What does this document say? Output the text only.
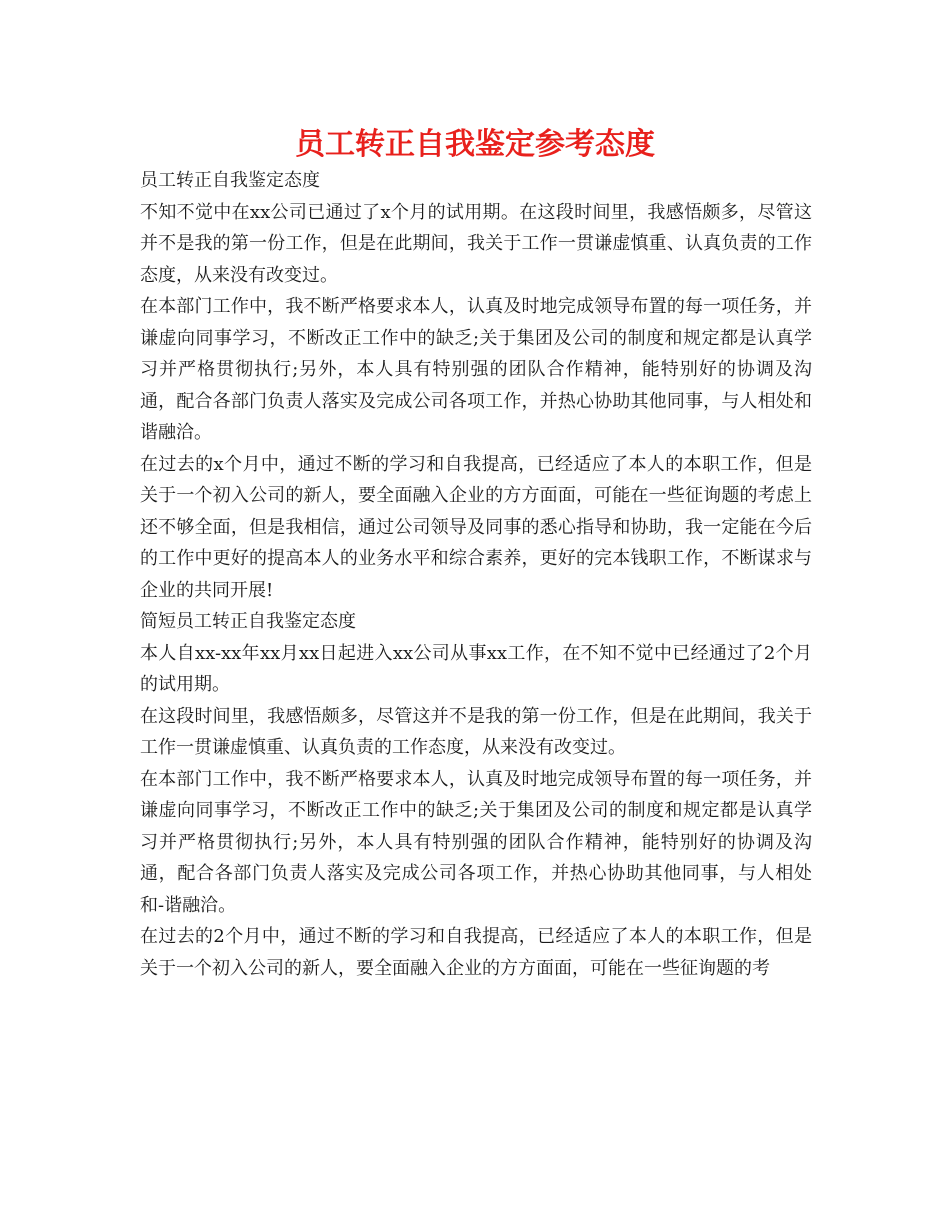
员工转正自我鉴定参考态度

员工转正自我鉴定态度

不知不觉中在xx公司已通过了x个月的试用期。在这段时间里，我感悟颇多，尽管这并不是我的第一份工作，但是在此期间，我关于工作一贯谦虚慎重、认真负责的工作态度，从来没有改变过。

在本部门工作中，我不断严格要求本人，认真及时地完成领导布置的每一项任务，并谦虚向同事学习，不断改正工作中的缺乏;关于集团及公司的制度和规定都是认真学习并严格贯彻执行;另外，本人具有特别强的团队合作精神，能特别好的协调及沟通，配合各部门负责人落实及完成公司各项工作，并热心协助其他同事，与人相处和谐融洽。

在过去的x个月中，通过不断的学习和自我提高，已经适应了本人的本职工作，但是关于一个初入公司的新人，要全面融入企业的方方面面，可能在一些征询题的考虑上还不够全面，但是我相信，通过公司领导及同事的悉心指导和协助，我一定能在今后的工作中更好的提高本人的业务水平和综合素养，更好的完本钱职工作，不断谋求与企业的共同开展!

简短员工转正自我鉴定态度

本人自xx-xx年xx月xx日起进入xx公司从事xx工作，在不知不觉中已经通过了2个月的试用期。

在这段时间里，我感悟颇多，尽管这并不是我的第一份工作，但是在此期间，我关于工作一贯谦虚慎重、认真负责的工作态度，从来没有改变过。

在本部门工作中，我不断严格要求本人，认真及时地完成领导布置的每一项任务，并谦虚向同事学习，不断改正工作中的缺乏;关于集团及公司的制度和规定都是认真学习并严格贯彻执行;另外，本人具有特别强的团队合作精神，能特别好的协调及沟通，配合各部门负责人落实及完成公司各项工作，并热心协助其他同事，与人相处和-谐融洽。

在过去的2个月中，通过不断的学习和自我提高，已经适应了本人的本职工作，但是关于一个初入公司的新人，要全面融入企业的方方面面，可能在一些征询题的考
